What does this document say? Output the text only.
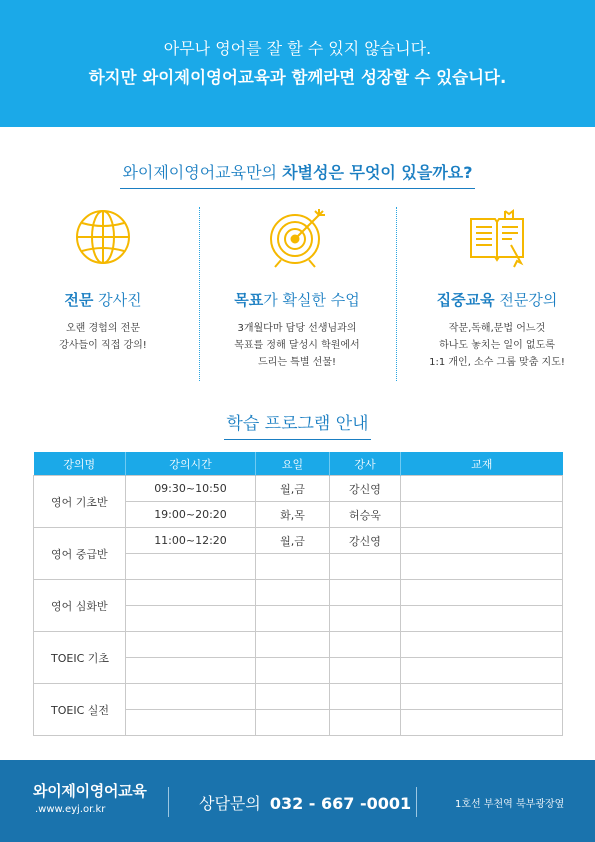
아무나 영어를 잘 할 수 있지 않습니다.
하지만 와이제이영어교육과 함께라면 성장할 수 있습니다.
와이제이영어교육만의 차별성은 무엇이 있을까요?
전문 강사진
오랜 경험의 전문
강사들이 직접 강의!
목표가 확실한 수업
3개월다마 담당 선생님과의
목표를 정해 달성시 학원에서
드리는 특별 선물!
집중교육 전문강의
작문,독해,문법 어느것
하나도 놓치는 일이 없도록
1:1 개인, 소수 그룹 맞춤 지도!
학습 프로그램 안내
강의명	강의시간	요일	강사	교재
영어 기초반	09:30~10:50	월,금	강신영	
	19:00~20:20	화,목	허승욱	
영어 중급반	11:00~12:20	월,금	강신영	

영어 심화반				

TOEIC 기초				

TOEIC 실전				

와이제이영어교육
.www.eyj.or.kr	상담문의 032 - 667 -0001	1호선 부천역 북부광장옆
